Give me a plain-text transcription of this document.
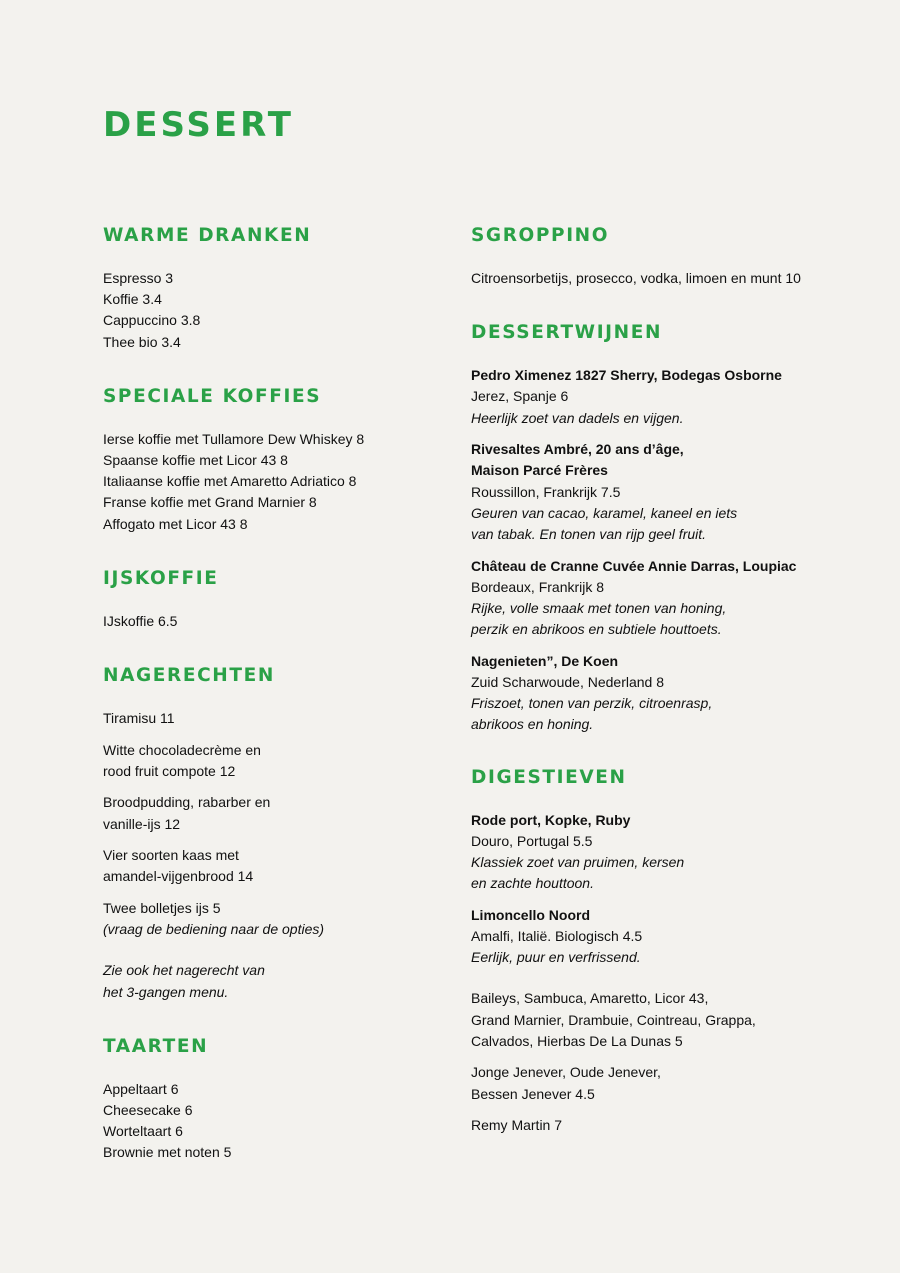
DESSERT
WARME DRANKEN
Espresso 3
Koffie 3.4
Cappuccino 3.8
Thee bio 3.4
SPECIALE KOFFIES
Ierse koffie met Tullamore Dew Whiskey 8
Spaanse koffie met Licor 43 8
Italiaanse koffie met Amaretto Adriatico 8
Franse koffie met Grand Marnier 8
Affogato met Licor 43 8
IJSKOFFIE
IJskoffie 6.5
NAGERECHTEN
Tiramisu 11
Witte chocoladecrème en
rood fruit compote 12
Broodpudding, rabarber en
vanille-ijs 12
Vier soorten kaas met
amandel-vijgenbrood 14
Twee bolletjes ijs 5
(vraag de bediening naar de opties)
Zie ook het nagerecht van
het 3-gangen menu.
TAARTEN
Appeltaart 6
Cheesecake 6
Worteltaart 6
Brownie met noten 5
SGROPPINO
Citroensorbetijs, prosecco, vodka, limoen en munt 10
DESSERTWIJNEN
Pedro Ximenez 1827 Sherry, Bodegas Osborne
Jerez, Spanje 6
Heerlijk zoet van dadels en vijgen.
Rivesaltes Ambré, 20 ans d’âge,
Maison Parcé Frères
Roussillon, Frankrijk 7.5
Geuren van cacao, karamel, kaneel en iets
van tabak. En tonen van rijp geel fruit.
Château de Cranne Cuvée Annie Darras, Loupiac
Bordeaux, Frankrijk 8
Rijke, volle smaak met tonen van honing,
perzik en abrikoos en subtiele houttoets.
Nagenieten”, De Koen
Zuid Scharwoude, Nederland 8
Friszoet, tonen van perzik, citroenrasp,
abrikoos en honing.
DIGESTIEVEN
Rode port, Kopke, Ruby
Douro, Portugal 5.5
Klassiek zoet van pruimen, kersen
en zachte houttoon.
Limoncello Noord
Amalfi, Italië. Biologisch 4.5
Eerlijk, puur en verfrissend.
Baileys, Sambuca, Amaretto, Licor 43,
Grand Marnier, Drambuie, Cointreau, Grappa,
Calvados, Hierbas De La Dunas 5
Jonge Jenever, Oude Jenever,
Bessen Jenever 4.5
Remy Martin 7
